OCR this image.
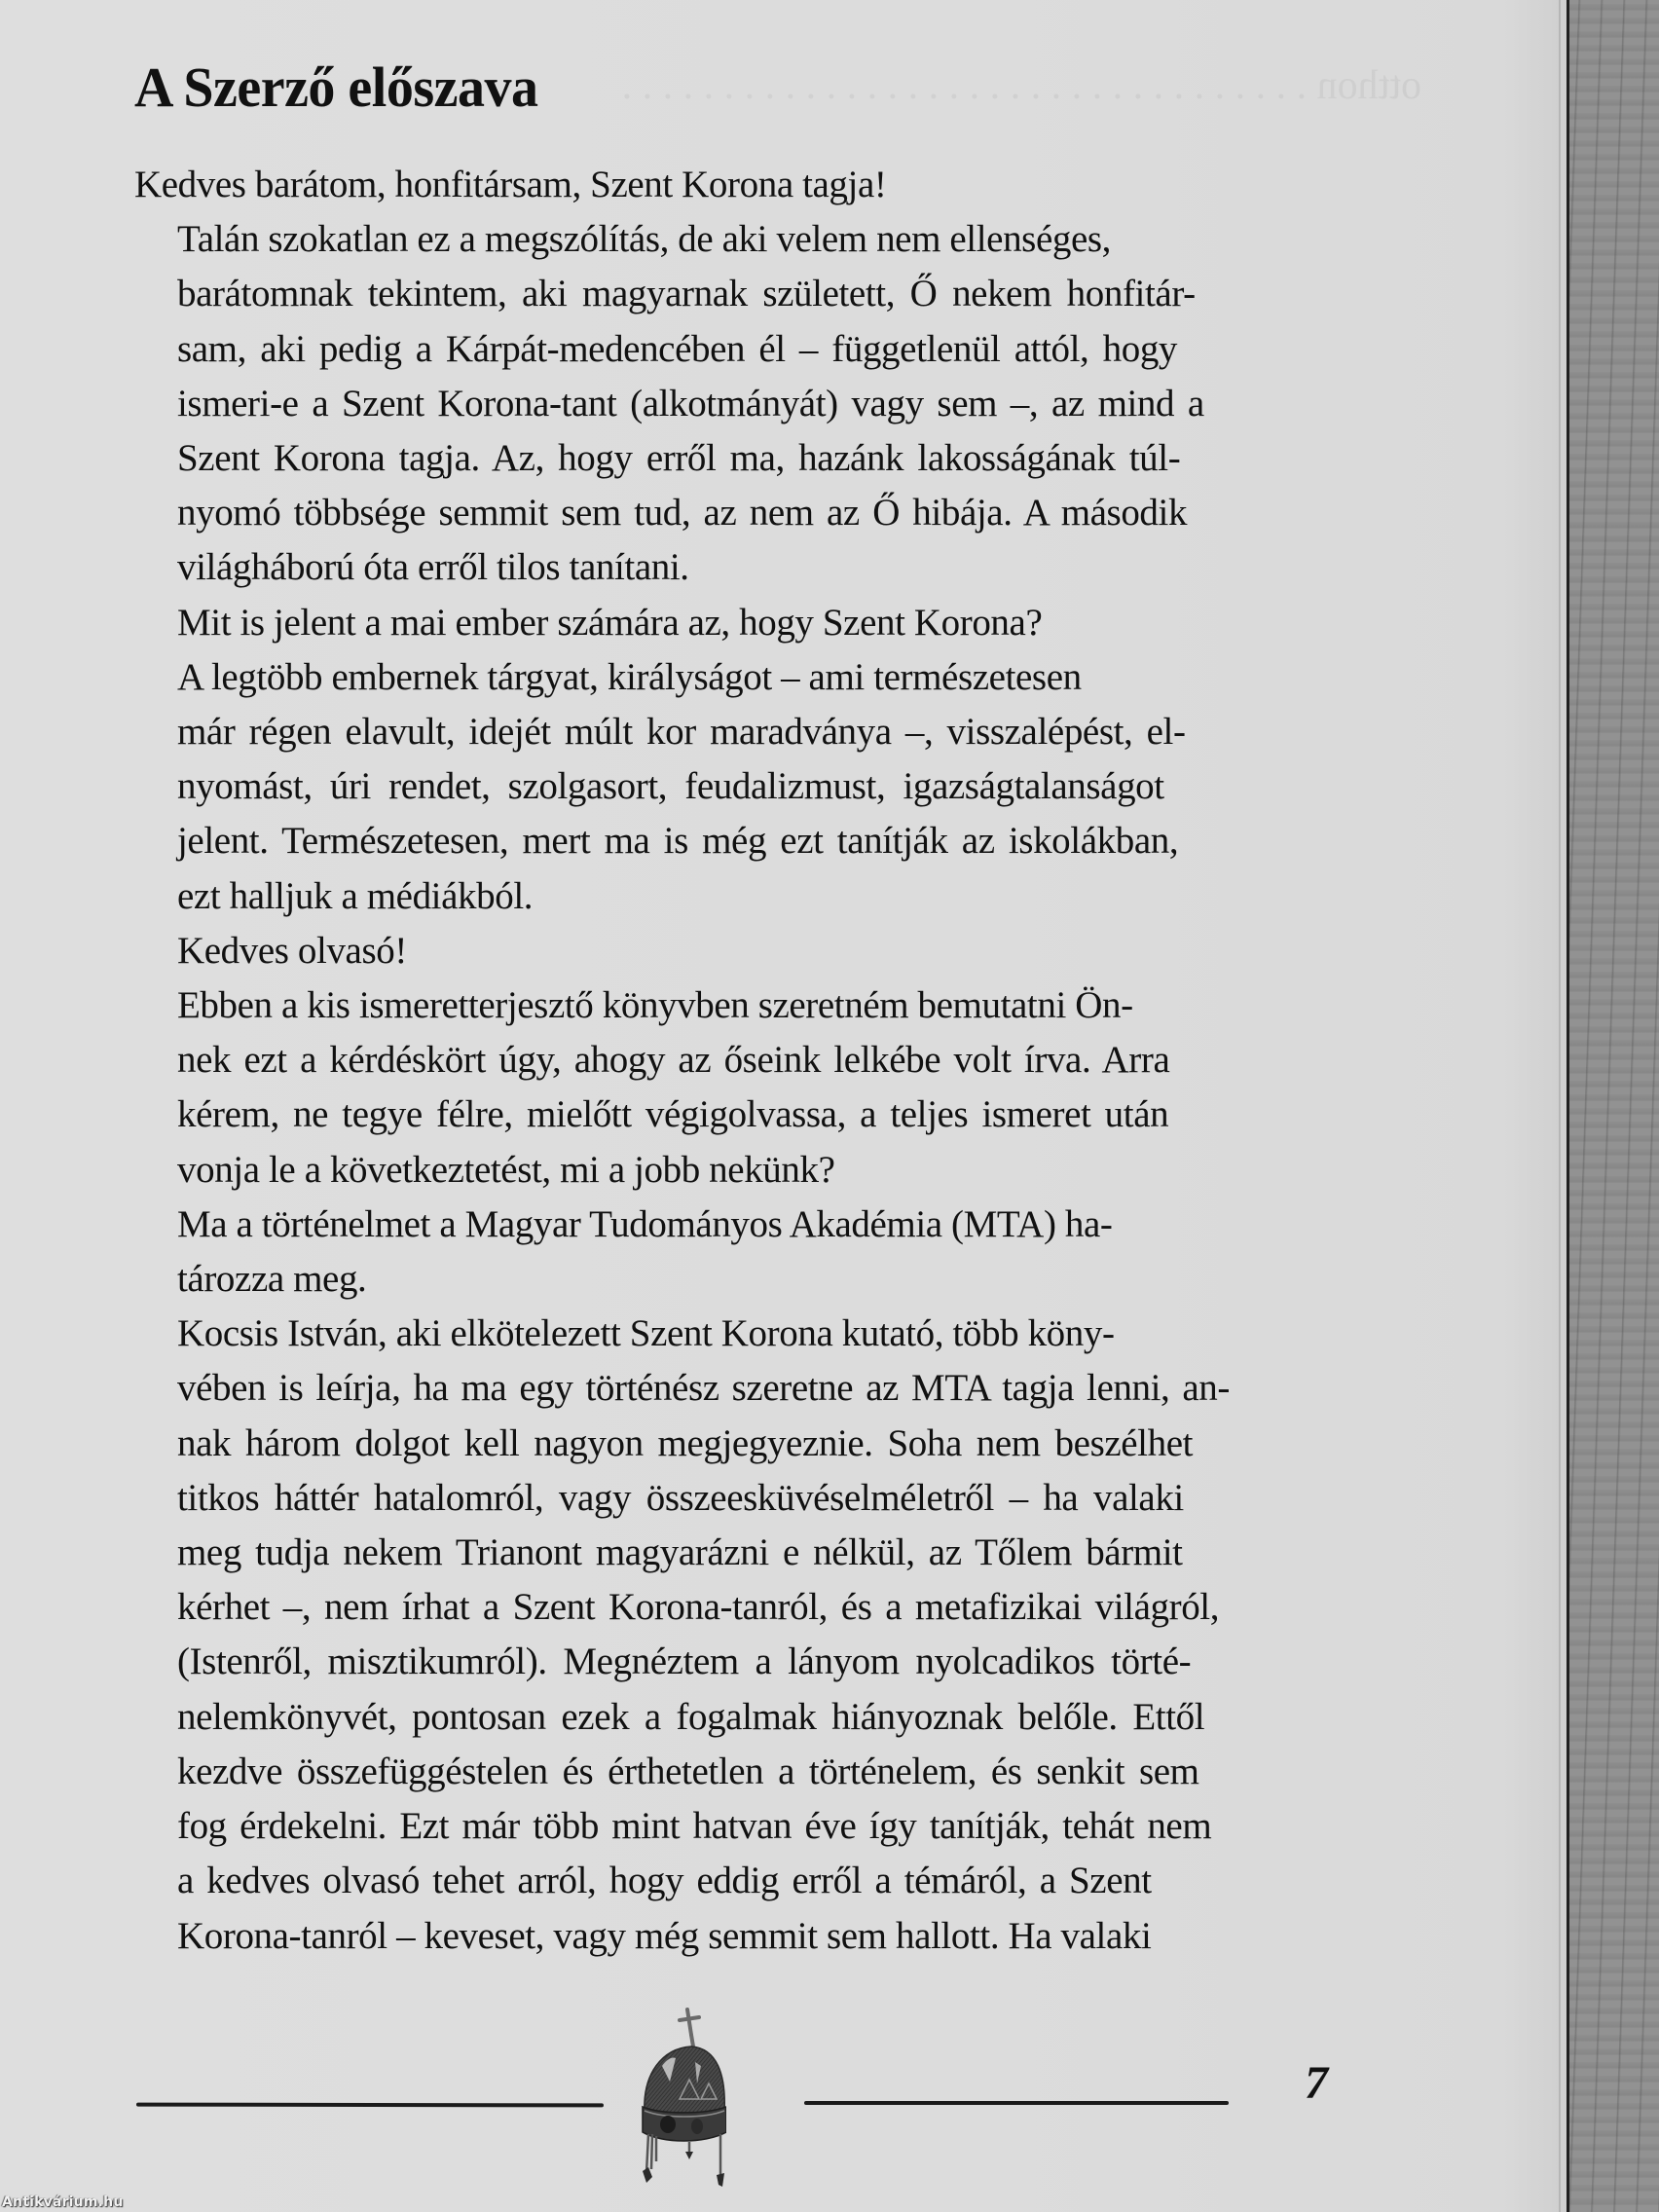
otthon . . . . . . . . . . . . . . . . . . . . . . . . . . . . . . . . . .
A Szerző előszava

Kedves barátom, honfitársam, Szent Korona tagja!

Talán szokatlan ez a megszólítás, de aki velem nem ellenséges,
barátomnak tekintem, aki magyarnak született, Ő nekem honfitár-
sam, aki pedig a Kárpát-medencében él – függetlenül attól, hogy
ismeri-e a Szent Korona-tant (alkotmányát) vagy sem –, az mind a
Szent Korona tagja. Az, hogy erről ma, hazánk lakosságának túl-
nyomó többsége semmit sem tud, az nem az Ő hibája. A második
világháború óta erről tilos tanítani.

Mit is jelent a mai ember számára az, hogy Szent Korona?

A legtöbb embernek tárgyat, királyságot – ami természetesen
már régen elavult, idejét múlt kor maradványa –, visszalépést, el-
nyomást, úri rendet, szolgasort, feudalizmust, igazságtalanságot
jelent. Természetesen, mert ma is még ezt tanítják az iskolákban,
ezt halljuk a médiákból.

Kedves olvasó!

Ebben a kis ismeretterjesztő könyvben szeretném bemutatni Ön-
nek ezt a kérdéskört úgy, ahogy az őseink lelkébe volt írva. Arra
kérem, ne tegye félre, mielőtt végigolvassa, a teljes ismeret után
vonja le a következtetést, mi a jobb nekünk?

Ma a történelmet a Magyar Tudományos Akadémia (MTA) ha-
tározza meg.

Kocsis István, aki elkötelezett Szent Korona kutató, több köny-
vében is leírja, ha ma egy történész szeretne az MTA tagja lenni, an-
nak három dolgot kell nagyon megjegyeznie. Soha nem beszélhet
titkos háttér hatalomról, vagy összeesküvéselméletről – ha valaki
meg tudja nekem Trianont magyarázni e nélkül, az Tőlem bármit
kérhet –, nem írhat a Szent Korona-tanról, és a metafizikai világról,
(Istenről, misztikumról). Megnéztem a lányom nyolcadikos törté-
nelemkönyvét, pontosan ezek a fogalmak hiányoznak belőle. Ettől
kezdve összefüggéstelen és érthetetlen a történelem, és senkit sem
fog érdekelni. Ezt már több mint hatvan éve így tanítják, tehát nem
a kedves olvasó tehet arról, hogy eddig erről a témáról, a Szent
Korona-tanról – keveset, vagy még semmit sem hallott. Ha valaki

7
Antikvárium.hu
